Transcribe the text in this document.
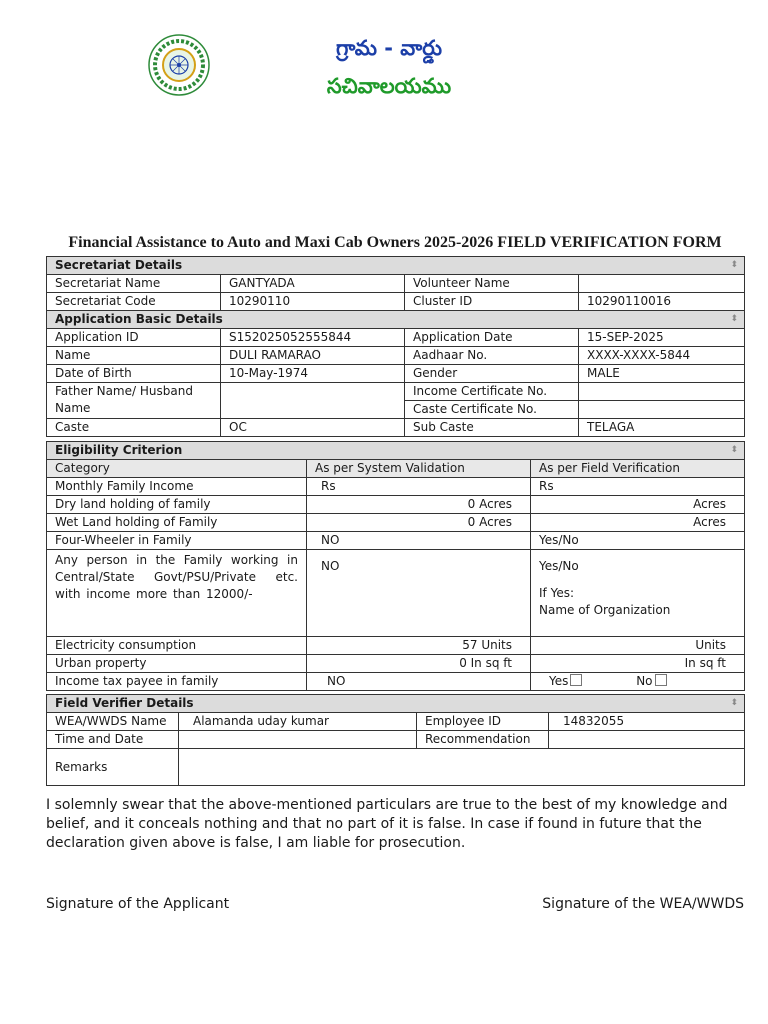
గ్రామ - వార్డు
సచివాలయము
Financial Assistance to Auto and Maxi Cab Owners 2025-2026 FIELD VERIFICATION FORM
Secretariat Details ⬍			

Secretariat Name	GANTYADA	Volunteer Name	
Secretariat Code	10290110	Cluster ID	10290110016
Application Basic Details ⬍			

Application ID	S152025052555844	Application Date	15-SEP-2025
Name	DULI RAMARAO	Aadhaar No.	XXXX-XXXX-5844
Date of Birth	10-May-1974	Gender	MALE
Father Name/ Husband Name		Income Certificate No.	
		Caste Certificate No.	
Caste	OC	Sub Caste	TELAGA
Eligibility Criterion ⬍		

Category	As per System Validation	As per Field Verification
Monthly Family Income	Rs	Rs
Dry land holding of family	0 Acres	Acres
Wet Land holding of Family	0 Acres	Acres
Four-Wheeler in Family	NO	Yes/No
Any person in the Family working in Central/State Govt/PSU/Private etc. with income more than 12000/-	NO	Yes/No
If Yes:
Name of Organization

Electricity consumption	57 Units	Units
Urban property	0 In sq ft	In sq ft
Income tax payee in family	NO	Yes No
Field Verifier Details ⬍			

WEA/WWDS Name	Alamanda uday kumar	Employee ID	14832055
Time and Date		Recommendation	
Remarks			
I solemnly swear that the above-mentioned particulars are true to the best of my knowledge and belief, and it conceals nothing and that no part of it is false. In case if found in future that the declaration given above is false, I am liable for prosecution.
Signature of the Applicant	Signature of the WEA/WWDS
